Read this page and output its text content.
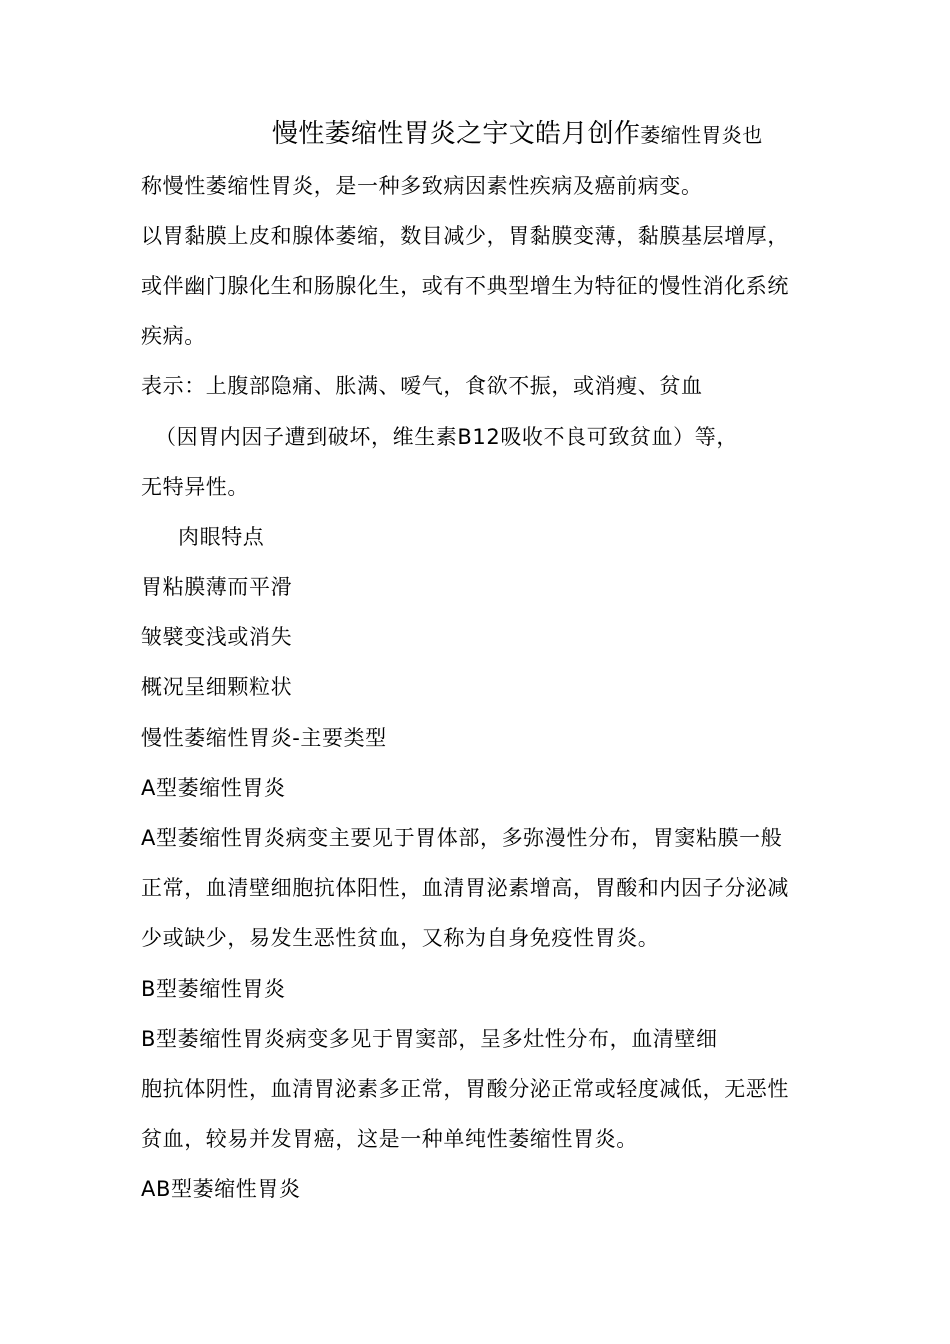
慢性萎缩性胃炎之宇文皓月创作萎缩性胃炎也
称慢性萎缩性胃炎，是一种多致病因素性疾病及癌前病变。
以胃黏膜上皮和腺体萎缩，数目减少，胃黏膜变薄，黏膜基层增厚，
或伴幽门腺化生和肠腺化生，或有不典型增生为特征的慢性消化系统
疾病。
表示：上腹部隐痛、胀满、嗳气，食欲不振，或消瘦、贫血
（因胃内因子遭到破坏，维生素B12吸收不良可致贫血）等，
无特异性。
肉眼特点
胃粘膜薄而平滑
皱襞变浅或消失
概况呈细颗粒状
慢性萎缩性胃炎-主要类型
A型萎缩性胃炎
A型萎缩性胃炎病变主要见于胃体部，多弥漫性分布，胃窦粘膜一般
正常，血清壁细胞抗体阳性，血清胃泌素增高，胃酸和内因子分泌减
少或缺少，易发生恶性贫血，又称为自身免疫性胃炎。
B型萎缩性胃炎
B型萎缩性胃炎病变多见于胃窦部，呈多灶性分布，血清壁细
胞抗体阴性，血清胃泌素多正常，胃酸分泌正常或轻度减低，无恶性
贫血，较易并发胃癌，这是一种单纯性萎缩性胃炎。
AB型萎缩性胃炎
